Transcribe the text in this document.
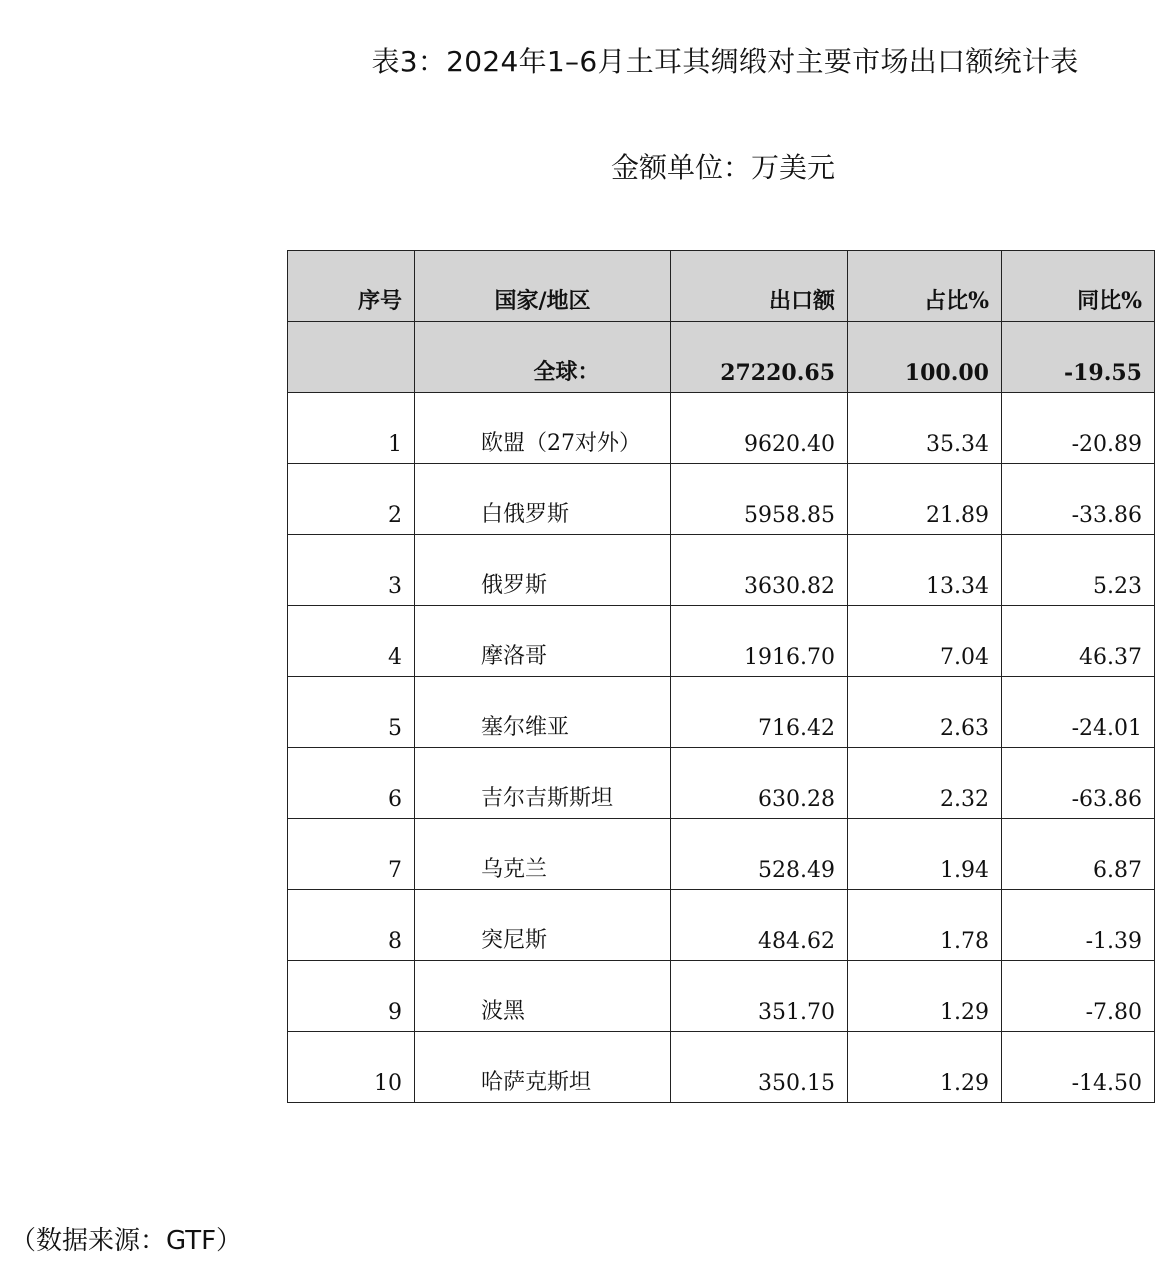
表3：2024年1–6月土耳其绸缎对主要市场出口额统计表
金额单位：万美元
序号	国家/地区	出口额	占比%	同比%
	全球：	27220.65	100.00	-19.55
1	欧盟（27对外）	9620.40	35.34	-20.89
2	白俄罗斯	5958.85	21.89	-33.86
3	俄罗斯	3630.82	13.34	5.23
4	摩洛哥	1916.70	7.04	46.37
5	塞尔维亚	716.42	2.63	-24.01
6	吉尔吉斯斯坦	630.28	2.32	-63.86
7	乌克兰	528.49	1.94	6.87
8	突尼斯	484.62	1.78	-1.39
9	波黑	351.70	1.29	-7.80
10	哈萨克斯坦	350.15	1.29	-14.50
（数据来源：GTF）
